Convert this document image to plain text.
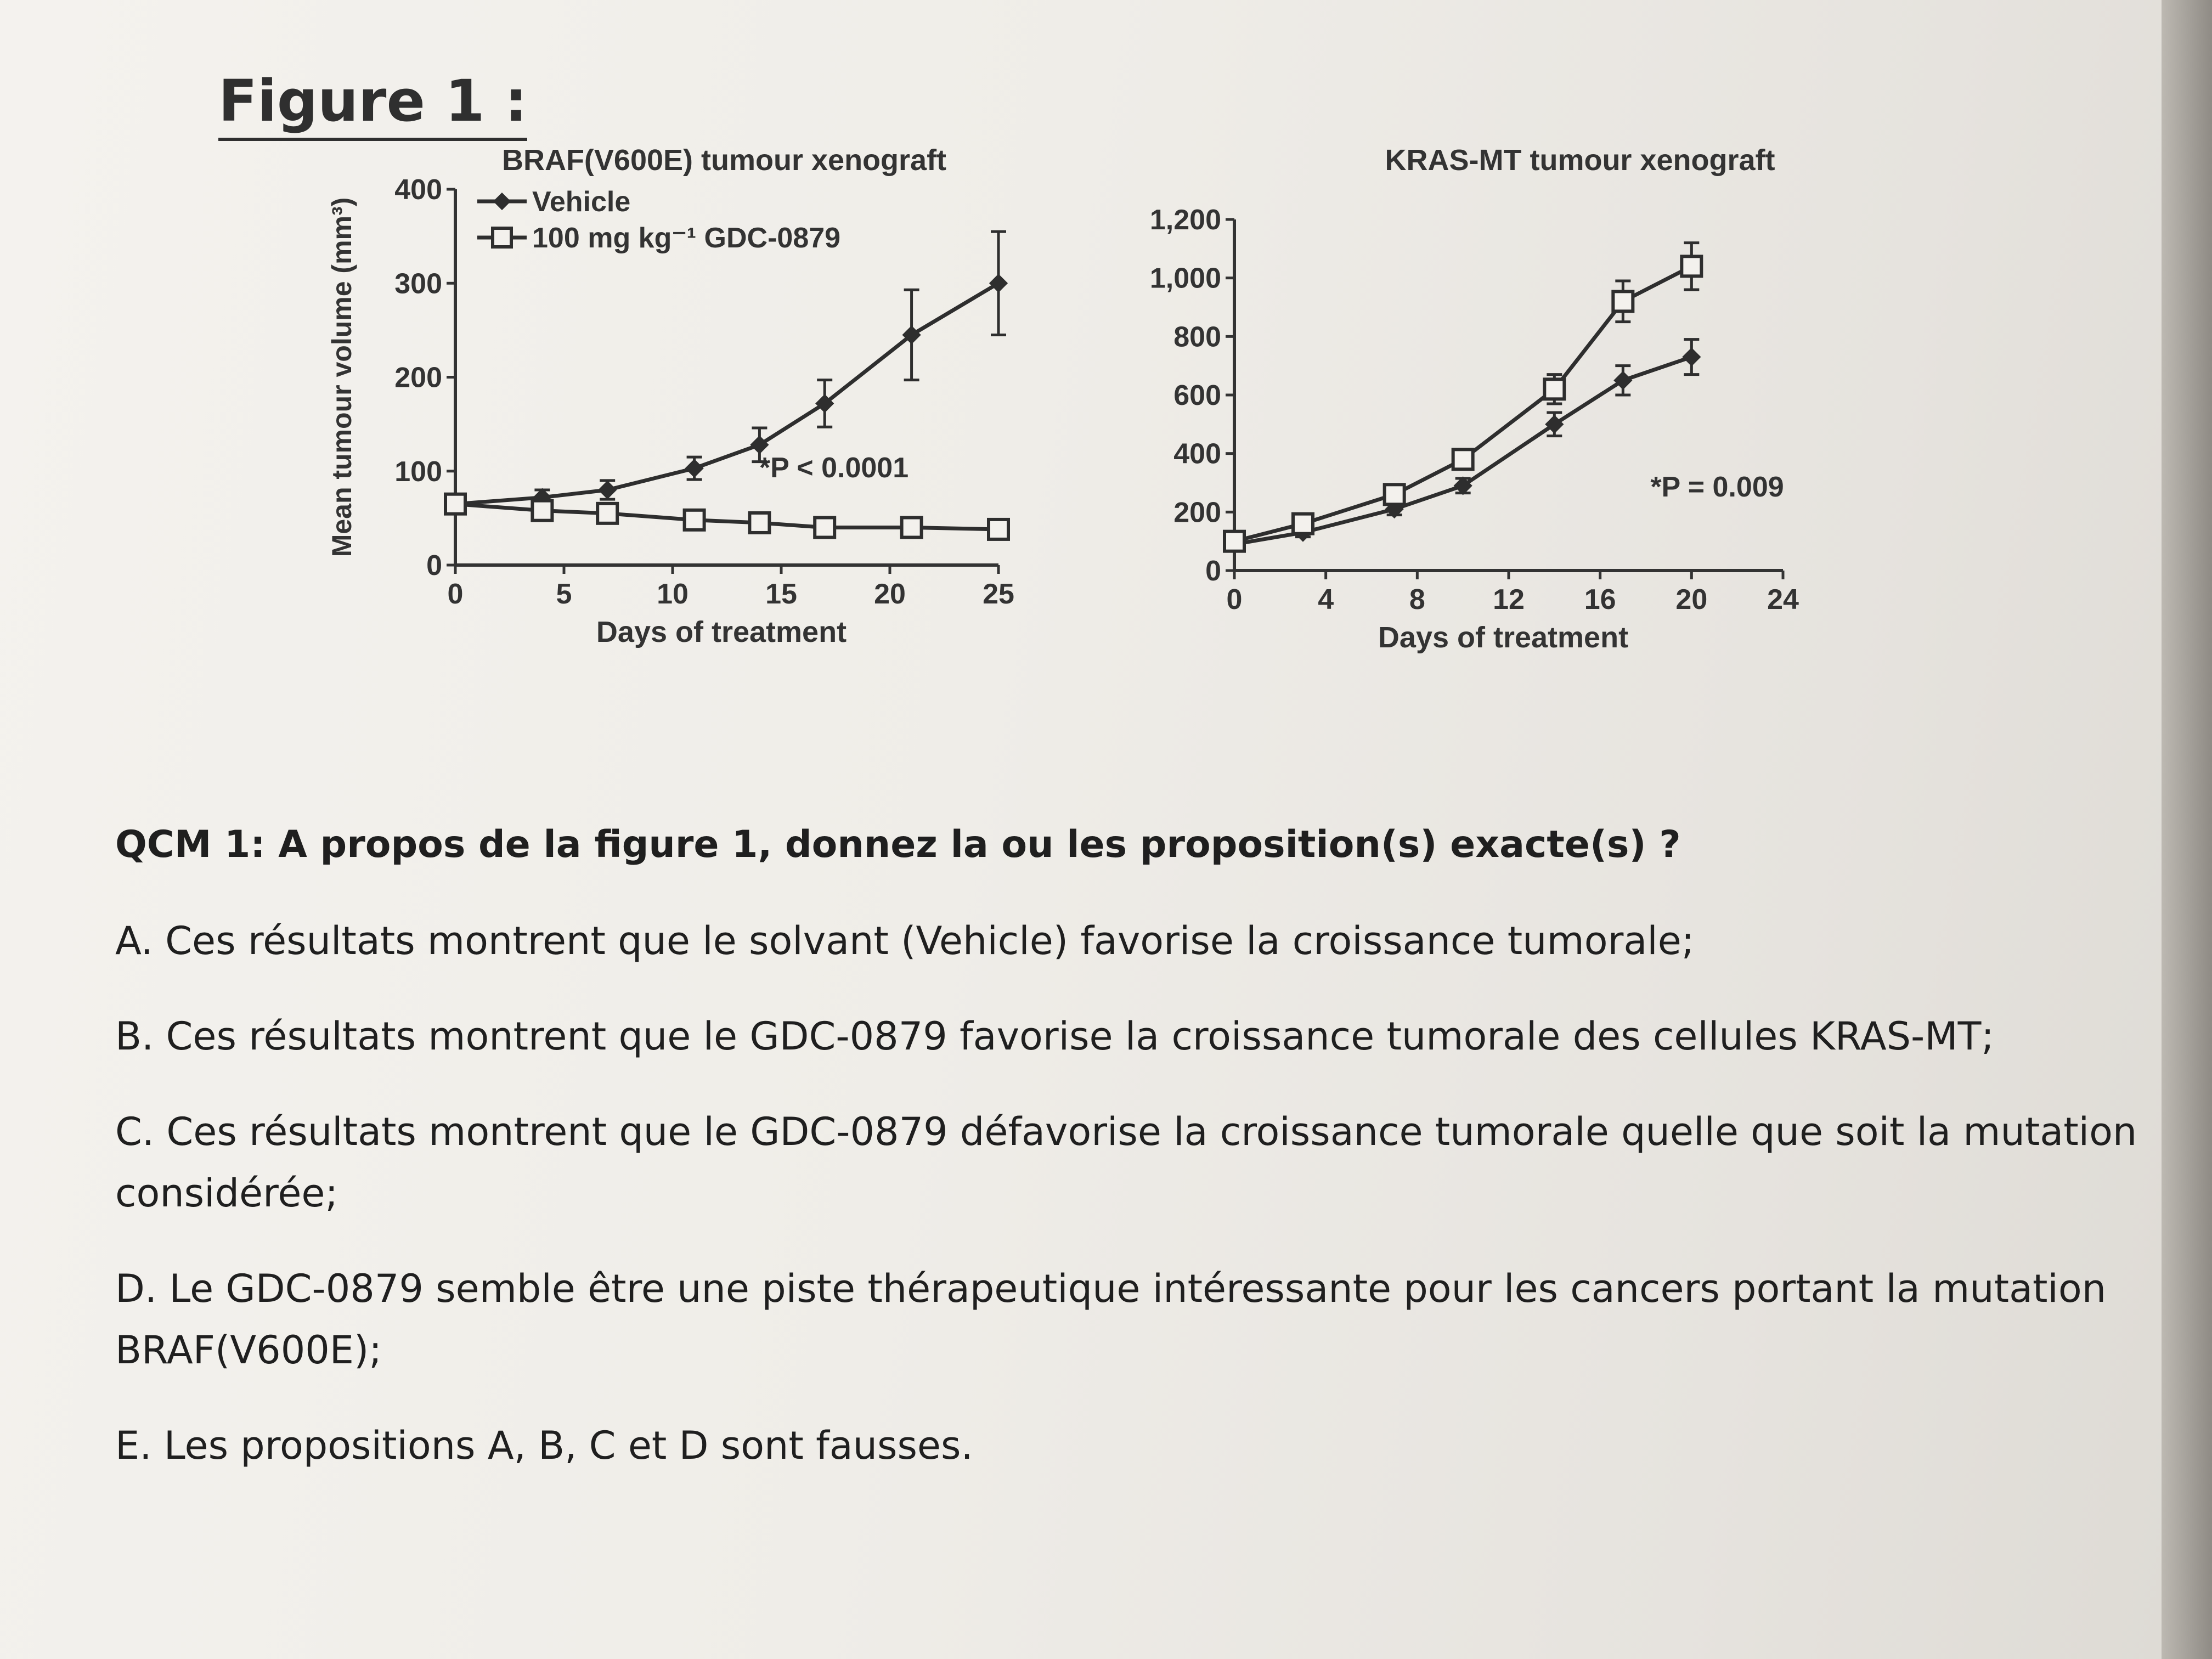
Figure 1 :
BRAF(V600E) tumour xenograft
0
100
200
300
400
0	5	10	15	20	25
Days of treatment
Mean tumour volume (mm³)	*P < 0.0001
Vehicle
100 mg kg⁻¹ GDC-0879
KRAS-MT tumour xenograft
0
200
400
600
800
1,000
1,200
0	4	8 12 16 20 24
Days of treatment
*P = 0.009

QCM 1: A propos de la figure 1, donnez la ou les proposition(s) exacte(s) ?

A. Ces résultats montrent que le solvant (Vehicle) favorise la croissance tumorale;

B. Ces résultats montrent que le GDC-0879 favorise la croissance tumorale des cellules KRAS-MT;

C. Ces résultats montrent que le GDC-0879 défavorise la croissance tumorale quelle que soit la mutation considérée;

D. Le GDC-0879 semble être une piste thérapeutique intéressante pour les cancers portant la mutation BRAF(V600E);

E. Les propositions A, B, C et D sont fausses.
